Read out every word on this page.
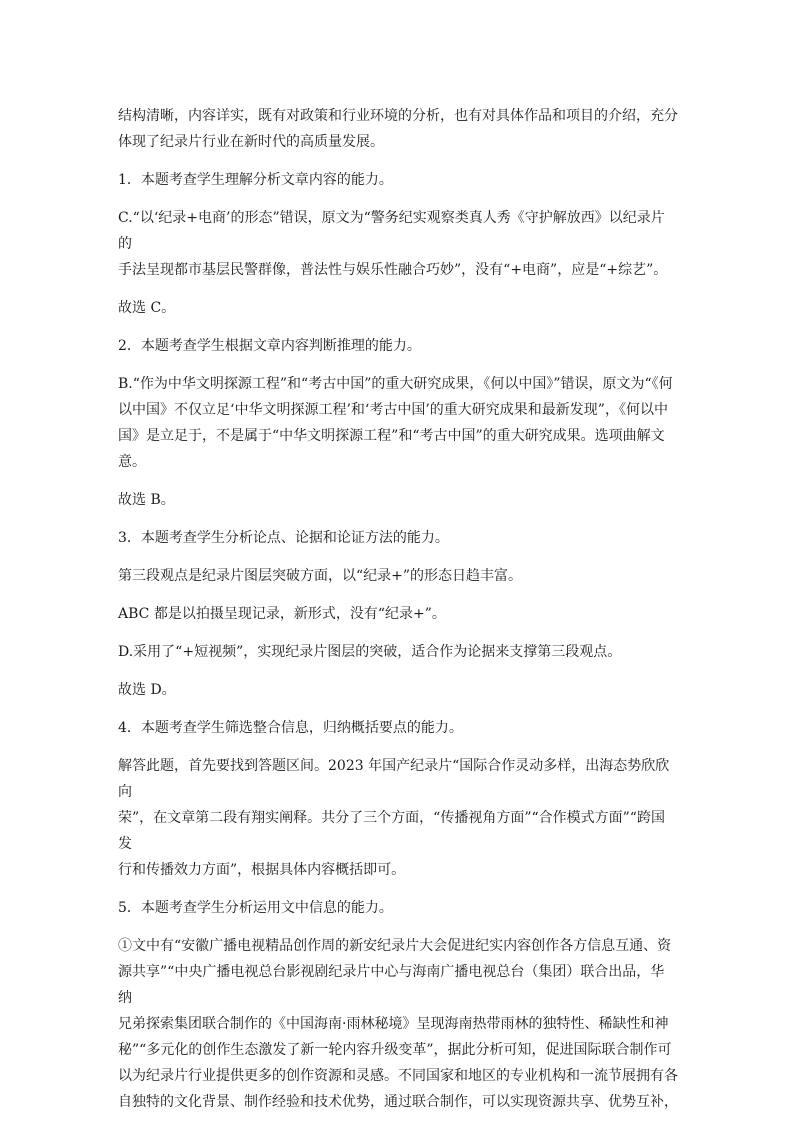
结构清晰，内容详实，既有对政策和行业环境的分析，也有对具体作品和项目的介绍，充分
体现了纪录片行业在新时代的高质量发展。
1．本题考查学生理解分析文章内容的能力。
C.“以‘纪录+电商’的形态”错误，原文为“警务纪实观察类真人秀《守护解放西》以纪录片的
手法呈现都市基层民警群像，普法性与娱乐性融合巧妙”，没有“+电商”，应是“+综艺”。
故选 C。
2．本题考查学生根据文章内容判断推理的能力。
B.“作为中华文明探源工程”和“考古中国”的重大研究成果，《何以中国》”错误，原文为“《何
以中国》不仅立足‘中华文明探源工程’和‘考古中国’的重大研究成果和最新发现”，《何以中
国》是立足于，不是属于“中华文明探源工程”和“考古中国”的重大研究成果。选项曲解文意。
故选 B。
3．本题考查学生分析论点、论据和论证方法的能力。
第三段观点是纪录片图层突破方面，以“纪录+”的形态日趋丰富。
ABC 都是以拍摄呈现记录，新形式，没有“纪录+”。
D.采用了“+短视频”，实现纪录片图层的突破，适合作为论据来支撑第三段观点。
故选 D。
4．本题考查学生筛选整合信息，归纳概括要点的能力。
解答此题，首先要找到答题区间。2023 年国产纪录片“国际合作灵动多样，出海态势欣欣向
荣”，在文章第二段有翔实阐释。共分了三个方面，“传播视角方面”“合作模式方面”“跨国发
行和传播效力方面”，根据具体内容概括即可。
5．本题考查学生分析运用文中信息的能力。
①文中有“安徽广播电视精品创作周的新安纪录片大会促进纪实内容创作各方信息互通、资
源共享”“中央广播电视总台影视剧纪录片中心与海南广播电视总台（集团）联合出品，华纳
兄弟探索集团联合制作的《中国海南·雨林秘境》呈现海南热带雨林的独特性、稀缺性和神
秘”“多元化的创作生态激发了新一轮内容升级变革”，据此分析可知，促进国际联合制作可
以为纪录片行业提供更多的创作资源和灵感。不同国家和地区的专业机构和一流节展拥有各
自独特的文化背景、制作经验和技术优势，通过联合制作，可以实现资源共享、优势互补，
